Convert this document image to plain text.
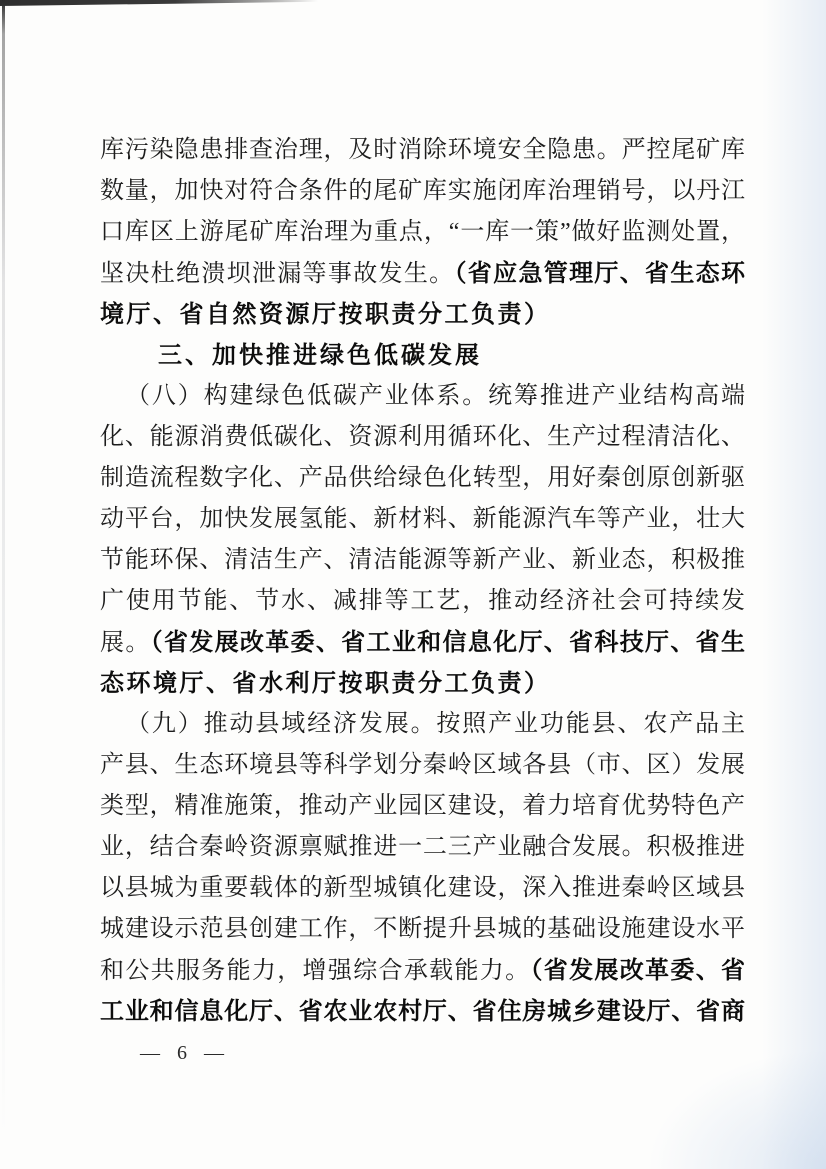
库污染隐患排查治理，及时消除环境安全隐患。严控尾矿库
数量，加快对符合条件的尾矿库实施闭库治理销号，以丹江
口库区上游尾矿库治理为重点，“一库一策”做好监测处置，
坚决杜绝溃坝泄漏等事故发生。（省应急管理厅、省生态环
境厅、省自然资源厅按职责分工负责）
三、加快推进绿色低碳发展
（八）构建绿色低碳产业体系。统筹推进产业结构高端
化、能源消费低碳化、资源利用循环化、生产过程清洁化、
制造流程数字化、产品供给绿色化转型，用好秦创原创新驱
动平台，加快发展氢能、新材料、新能源汽车等产业，壮大
节能环保、清洁生产、清洁能源等新产业、新业态，积极推
广使用节能、节水、减排等工艺，推动经济社会可持续发
展。（省发展改革委、省工业和信息化厅、省科技厅、省生
态环境厅、省水利厅按职责分工负责）
（九）推动县域经济发展。按照产业功能县、农产品主
产县、生态环境县等科学划分秦岭区域各县（市、区）发展
类型，精准施策，推动产业园区建设，着力培育优势特色产
业，结合秦岭资源禀赋推进一二三产业融合发展。积极推进
以县城为重要载体的新型城镇化建设，深入推进秦岭区域县
城建设示范县创建工作，不断提升县城的基础设施建设水平
和公共服务能力，增强综合承载能力。（省发展改革委、省
工业和信息化厅、省农业农村厅、省住房城乡建设厅、省商
— 6 —
